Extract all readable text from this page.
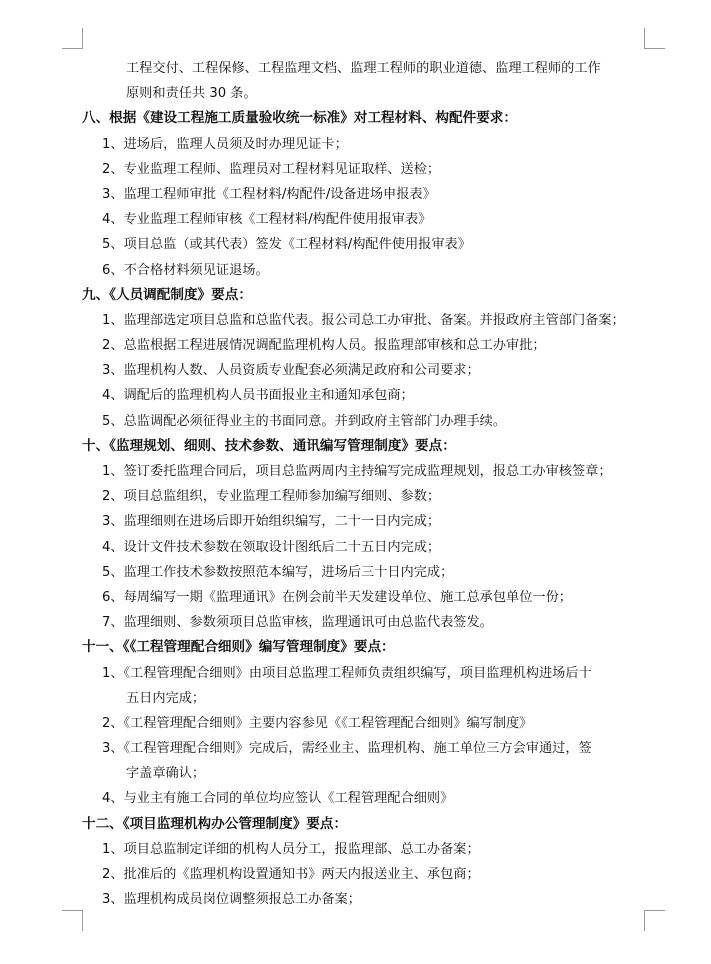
工程交付、工程保修、工程监理文档、监理工程师的职业道德、监理工程师的工作
原则和责任共 30 条。
八、根据《建设工程施工质量验收统一标准》对工程材料、构配件要求：
1、进场后，监理人员须及时办理见证卡；
2、专业监理工程师、监理员对工程材料见证取样、送检；
3、监理工程师审批《工程材料/构配件/设备进场申报表》
4、专业监理工程师审核《工程材料/构配件使用报审表》
5、项目总监（或其代表）签发《工程材料/构配件使用报审表》
6、不合格材料须见证退场。
九、《人员调配制度》要点：
1、监理部选定项目总监和总监代表。报公司总工办审批、备案。并报政府主管部门备案；
2、总监根据工程进展情况调配监理机构人员。报监理部审核和总工办审批；
3、监理机构人数、人员资质专业配套必须满足政府和公司要求；
4、调配后的监理机构人员书面报业主和通知承包商；
5、总监调配必须征得业主的书面同意。并到政府主管部门办理手续。
十、《监理规划、细则、技术参数、通讯编写管理制度》要点：
1、签订委托监理合同后，项目总监两周内主持编写完成监理规划，报总工办审核签章；
2、项目总监组织，专业监理工程师参加编写细则、参数；
3、监理细则在进场后即开始组织编写，二十一日内完成；
4、设计文件技术参数在领取设计图纸后二十五日内完成；
5、监理工作技术参数按照范本编写，进场后三十日内完成；
6、每周编写一期《监理通讯》在例会前半天发建设单位、施工总承包单位一份；
7、监理细则、参数须项目总监审核，监理通讯可由总监代表签发。
十一、《《工程管理配合细则》编写管理制度》要点：
1、《工程管理配合细则》由项目总监理工程师负责组织编写，项目监理机构进场后十
五日内完成；
2、《工程管理配合细则》主要内容参见《《工程管理配合细则》编写制度》
3、《工程管理配合细则》完成后，需经业主、监理机构、施工单位三方会审通过，签
字盖章确认；
4、与业主有施工合同的单位均应签认《工程管理配合细则》
十二、《项目监理机构办公管理制度》要点：
1、项目总监制定详细的机构人员分工，报监理部、总工办备案；
2、批准后的《监理机构设置通知书》两天内报送业主、承包商；
3、监理机构成员岗位调整须报总工办备案；
